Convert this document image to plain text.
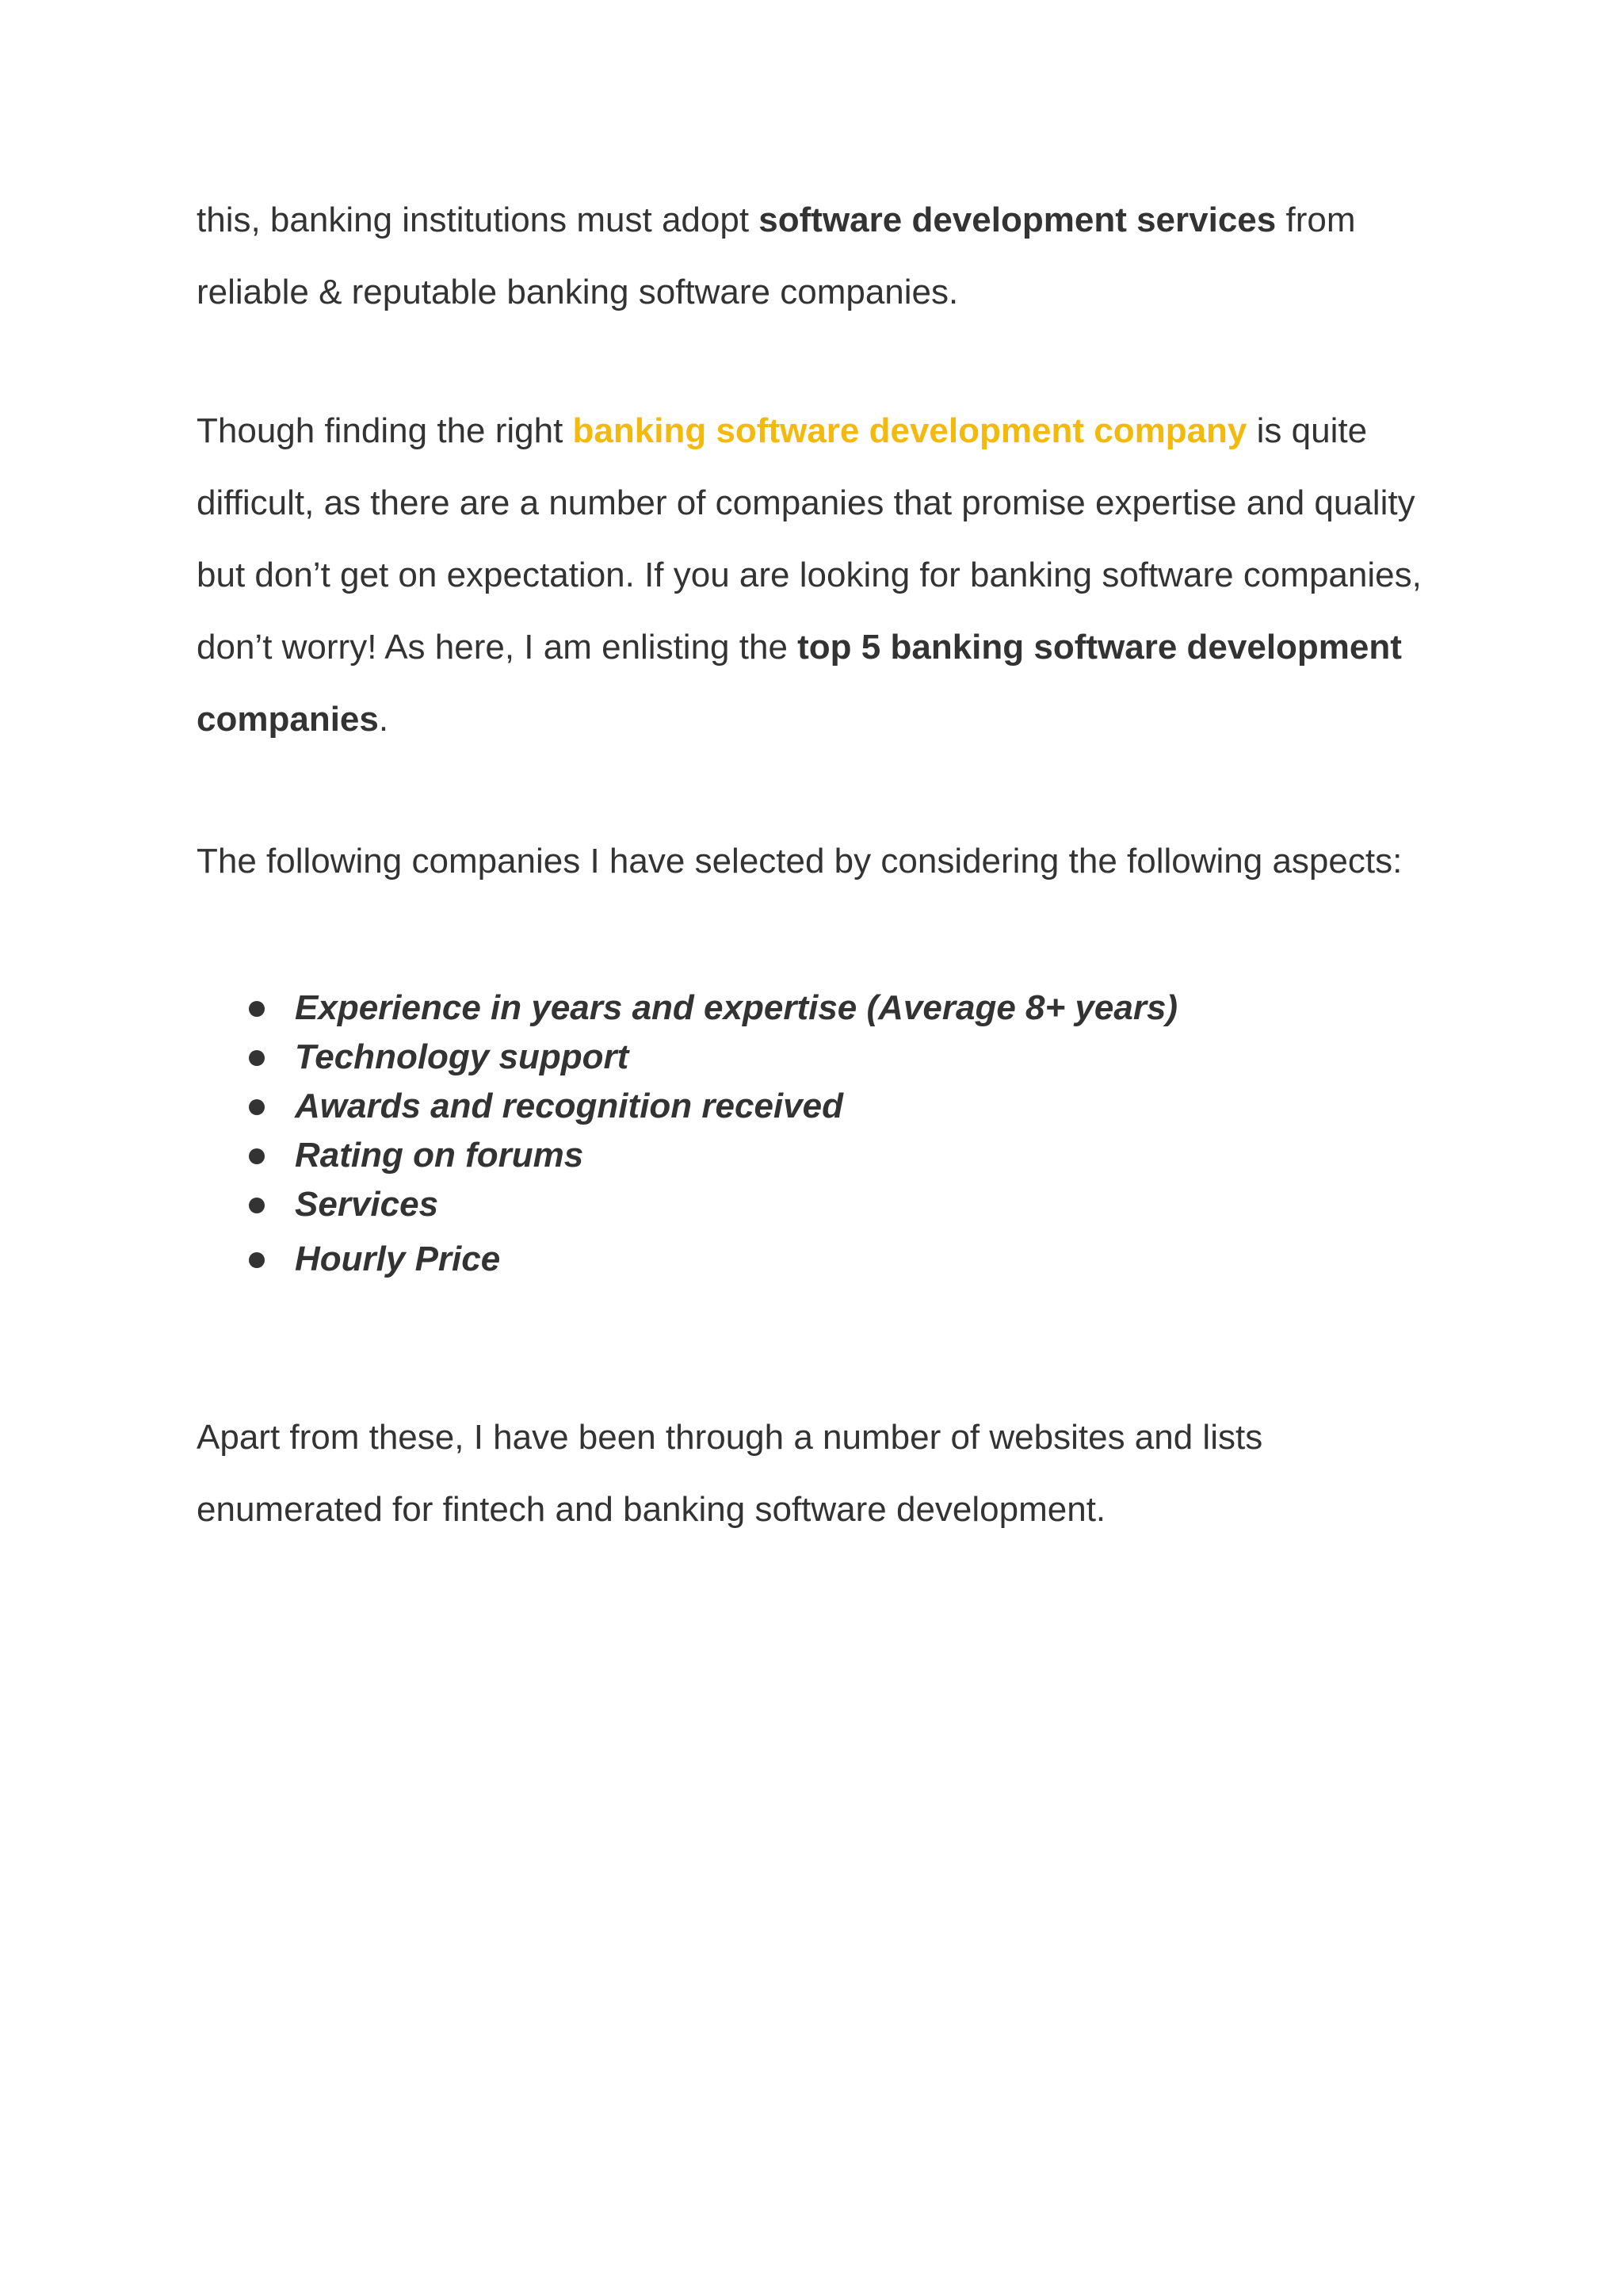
this, banking institutions must adopt software development services from reliable & reputable banking software companies.

Though finding the right banking software development company is quite difficult, as there are a number of companies that promise expertise and quality but don’t get on expectation. If you are looking for banking software companies, don’t worry! As here, I am enlisting the top 5 banking software development companies.

The following companies I have selected by considering the following aspects:

Experience in years and expertise (Average 8+ years)
Technology support
Awards and recognition received
Rating on forums
Services
Hourly Price

Apart from these, I have been through a number of websites and lists enumerated for fintech and banking software development.
